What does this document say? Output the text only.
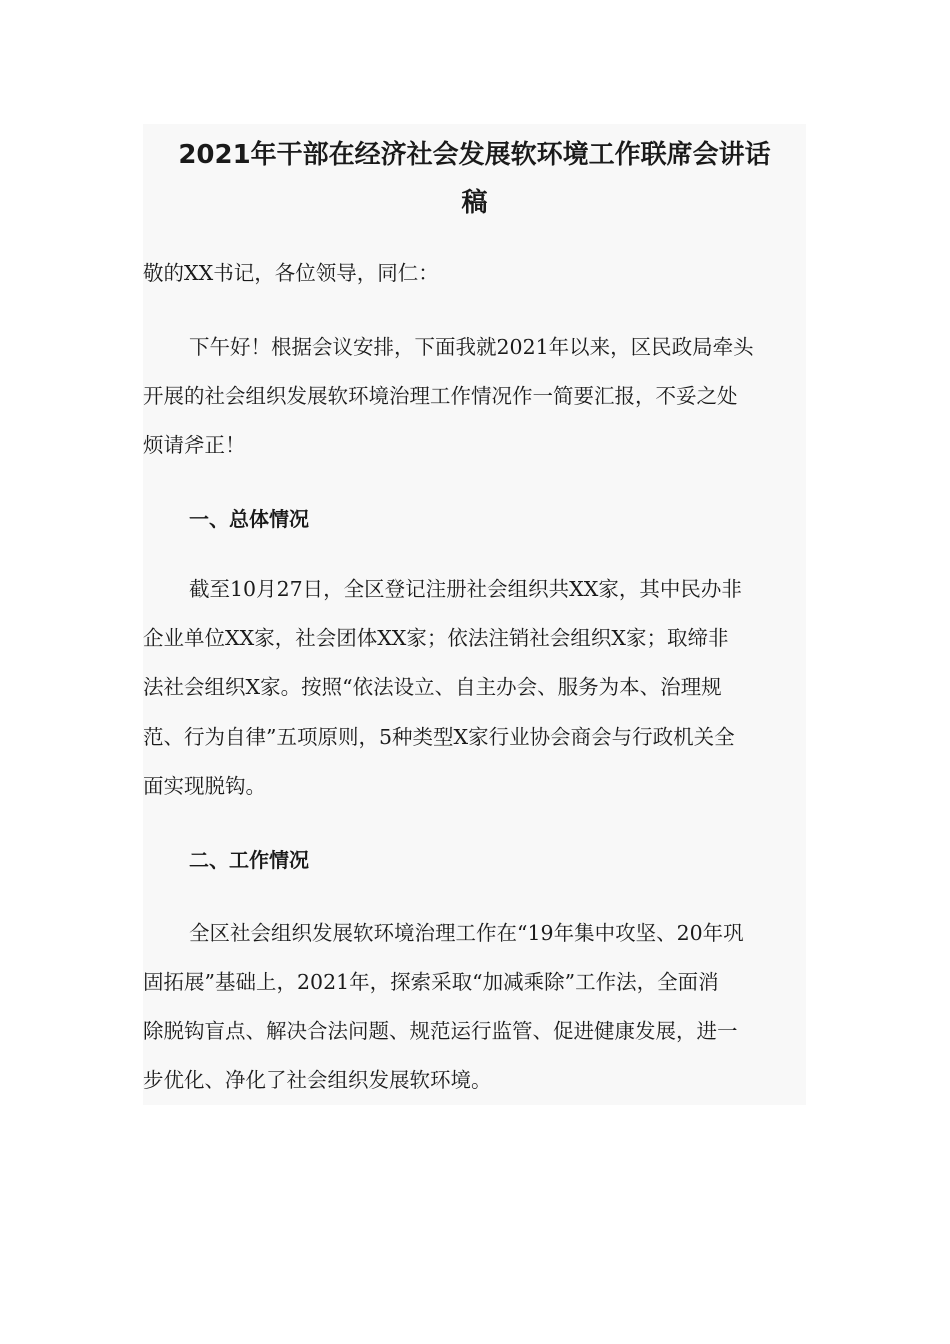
2021年干部在经济社会发展软环境工作联席会讲话
稿

敬的XX书记，各位领导，同仁：

下午好！根据会议安排，下面我就2021年以来，区民政局牵头

开展的社会组织发展软环境治理工作情况作一简要汇报，不妥之处

烦请斧正！

一、总体情况

截至10月27日，全区登记注册社会组织共XX家，其中民办非

企业单位XX家，社会团体XX家；依法注销社会组织X家；取缔非

法社会组织X家。按照“依法设立、自主办会、服务为本、治理规

范、行为自律”五项原则，5种类型X家行业协会商会与行政机关全

面实现脱钩。

二、工作情况

全区社会组织发展软环境治理工作在“19年集中攻坚、20年巩

固拓展”基础上，2021年，探索采取“加减乘除”工作法，全面消

除脱钩盲点、解决合法问题、规范运行监管、促进健康发展，进一

步优化、净化了社会组织发展软环境。
